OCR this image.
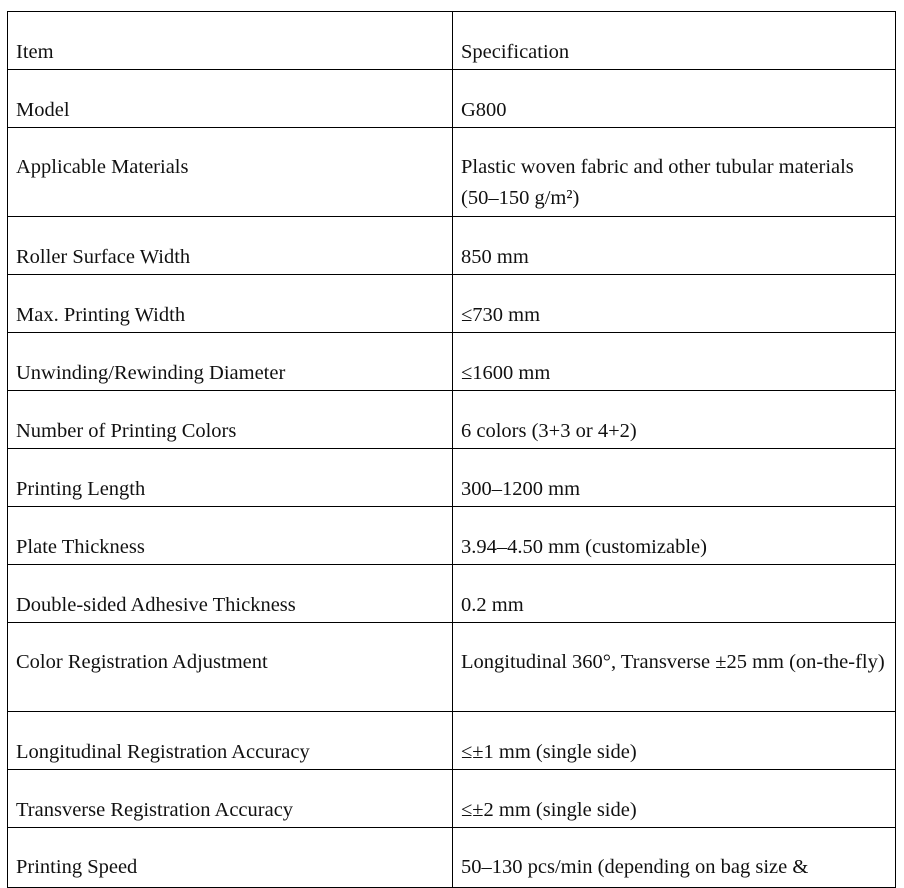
Item	Specification
Model	G800
Applicable Materials	Plastic woven fabric and other tubular materials (50–150 g/m²)
Roller Surface Width	850 mm
Max. Printing Width	≤730 mm
Unwinding/Rewinding Diameter	≤1600 mm
Number of Printing Colors	6 colors (3+3 or 4+2)
Printing Length	300–1200 mm
Plate Thickness	3.94–4.50 mm (customizable)
Double-sided Adhesive Thickness	0.2 mm
Color Registration Adjustment	Longitudinal 360°, Transverse ±25 mm (on-the-fly)
Longitudinal Registration Accuracy	≤±1 mm (single side)
Transverse Registration Accuracy	≤±2 mm (single side)
Printing Speed	50–130 pcs/min (depending on bag size &
